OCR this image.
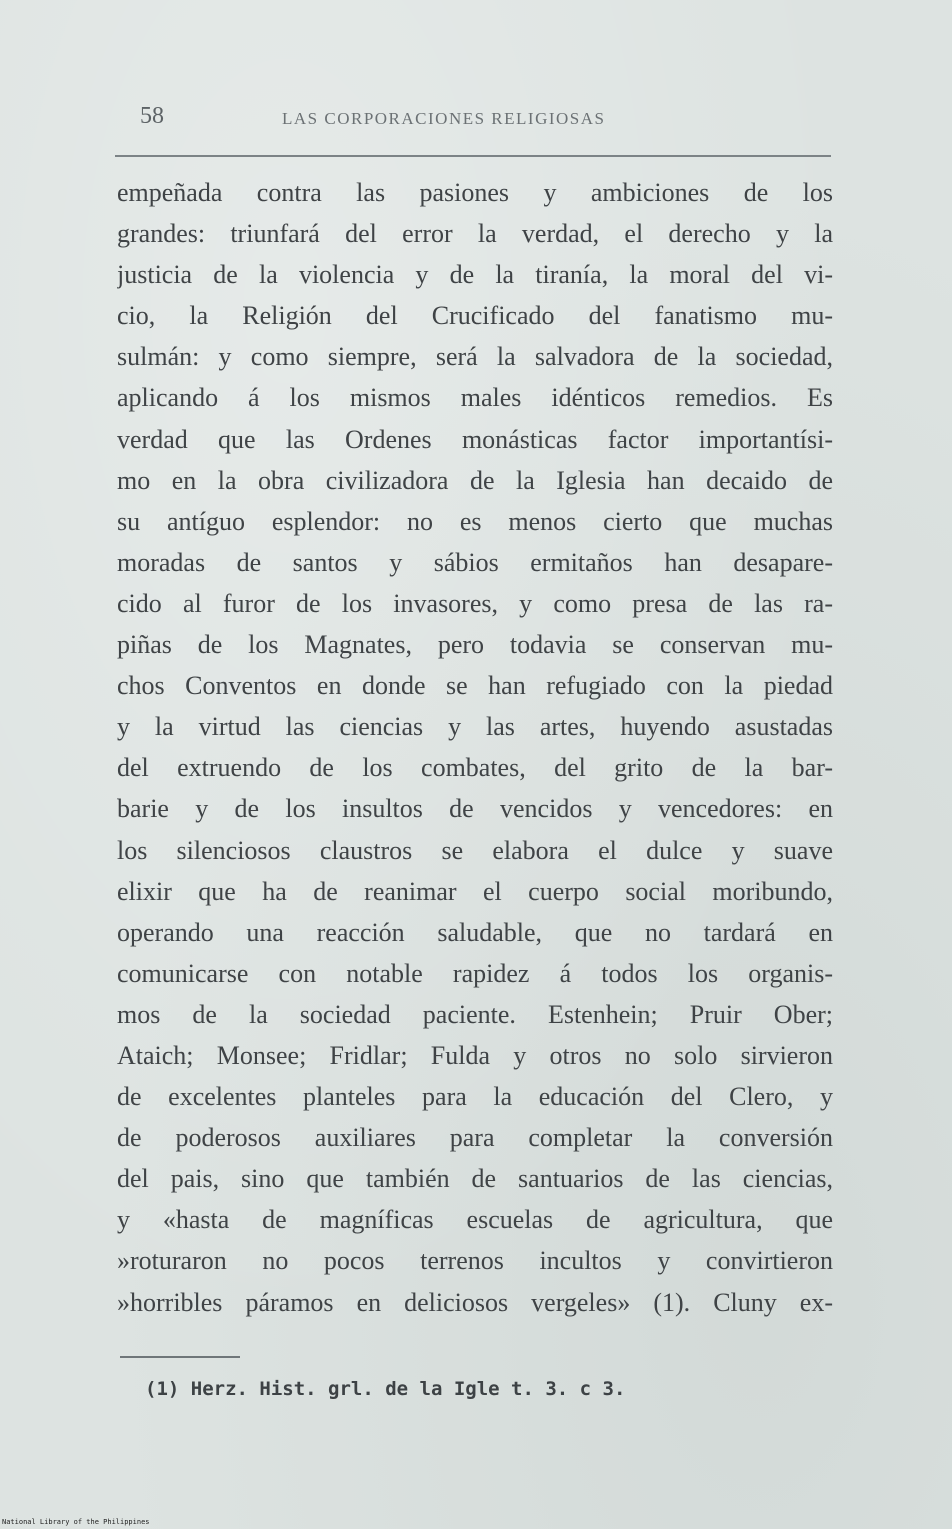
58	LAS CORPORACIONES RELIGIOSAS
empeñada contra las pasiones y ambiciones de los
grandes: triunfará del error la verdad, el derecho y la
justicia de la violencia y de la tiranía, la moral del vi-
cio, la Religión del Crucificado del fanatismo mu-
sulmán: y como siempre, será la salvadora de la sociedad,
aplicando á los mismos males idénticos remedios. Es
verdad que las Ordenes monásticas factor importantísi-
mo en la obra civilizadora de la Iglesia han decaido de
su antíguo esplendor: no es menos cierto que muchas
moradas de santos y sábios ermitaños han desapare-
cido al furor de los invasores, y como presa de las ra-
piñas de los Magnates, pero todavia se conservan mu-
chos Conventos en donde se han refugiado con la piedad
y la virtud las ciencias y las artes, huyendo asustadas
del extruendo de los combates, del grito de la bar-
barie y de los insultos de vencidos y vencedores: en
los silenciosos claustros se elabora el dulce y suave
elixir que ha de reanimar el cuerpo social moribundo,
operando una reacción saludable, que no tardará en
comunicarse con notable rapidez á todos los organis-
mos de la sociedad paciente. Estenhein; Pruir Ober;
Ataich; Monsee; Fridlar; Fulda y otros no solo sirvieron
de excelentes planteles para la educación del Clero, y
de poderosos auxiliares para completar la conversión
del pais, sino que también de santuarios de las ciencias,
y «hasta de magníficas escuelas de agricultura, que
»roturaron no pocos terrenos incultos y convirtieron
»horribles páramos en deliciosos vergeles» (1). Cluny ex-
(1) Herz. Hist. grl. de la Igle t. 3. c 3.
National Library of the Philippines
